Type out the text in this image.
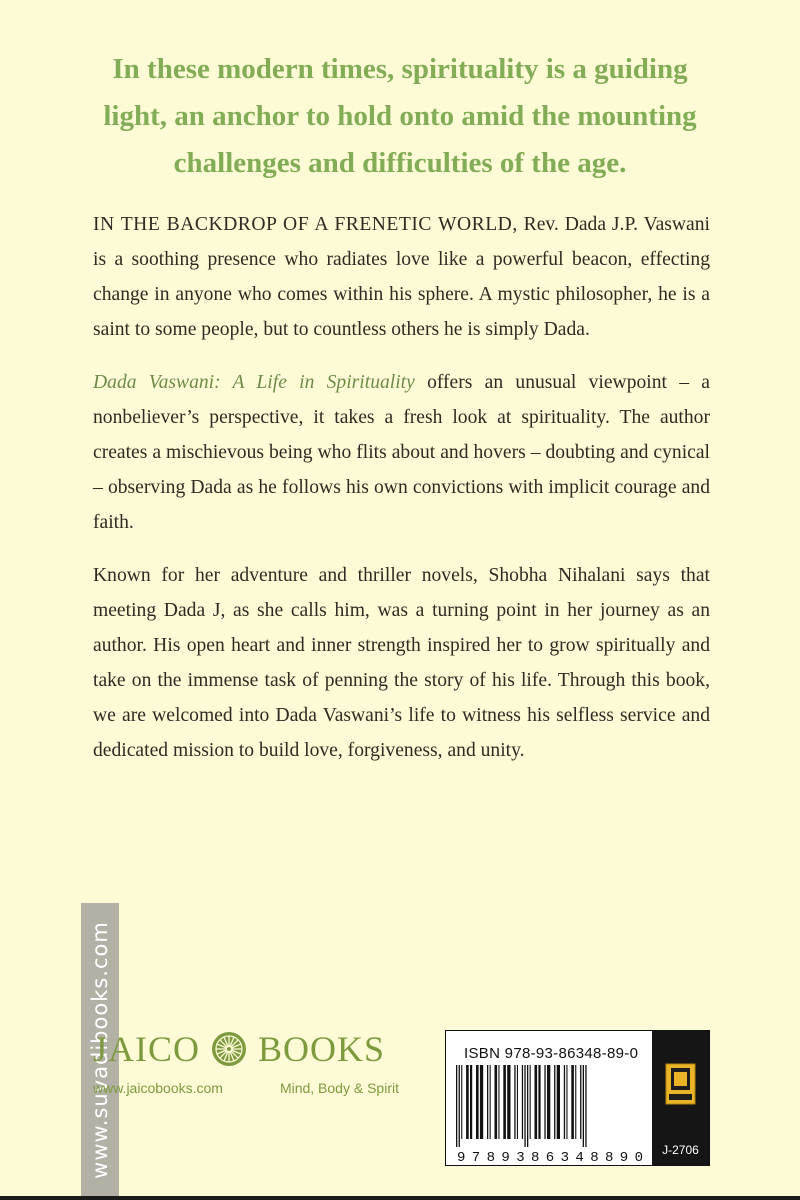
In these modern times, spirituality is a guiding
light, an anchor to hold onto amid the mounting
challenges and difficulties of the age.

IN THE BACKDROP OF A FRENETIC WORLD, Rev. Dada J.P. Vaswani is a soothing presence who radiates love like a powerful beacon, effecting change in anyone who comes within his sphere. A mystic philosopher, he is a saint to some people, but to countless others he is simply Dada.

Dada Vaswani: A Life in Spirituality offers an unusual viewpoint – a nonbeliever’s perspective, it takes a fresh look at spirituality. The author creates a mischievous being who flits about and hovers – doubting and cynical – observing Dada as he follows his own convictions with implicit courage and faith.

Known for her adventure and thriller novels, Shobha Nihalani says that meeting Dada J, as she calls him, was a turning point in her journey as an author. His open heart and inner strength inspired her to grow spiritually and take on the immense task of penning the story of his life. Through this book, we are welcomed into Dada Vaswani’s life to witness his selfless service and dedicated mission to build love, forgiveness, and unity.

www.suvadibooks.com
JAICO BOOKS
www.jaicobooks.com	Mind, Body & Spirit
ISBN 978-93-86348-89-0
9789386348890	J-2706
